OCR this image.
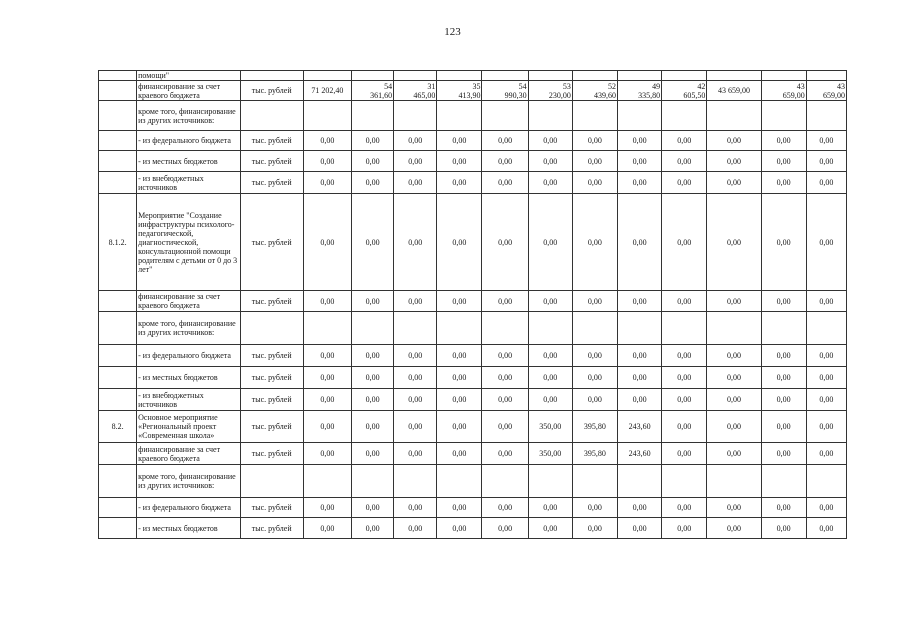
123
	помощи"													
	финансирование за счет краевого бюджета	тыс. рублей	71 202,40	54 361,60	31 465,00	35 413,90	54 990,30	53 230,00	52 439,60	49 335,80	42 605,50	43 659,00	43 659,00	43 659,00
	кроме того, финансирование из других источников:													
	- из федерального бюджета	тыс. рублей	0,00	0,00	0,00	0,00	0,00	0,00	0,00	0,00	0,00	0,00	0,00	0,00
	- из местных бюджетов	тыс. рублей	0,00	0,00	0,00	0,00	0,00	0,00	0,00	0,00	0,00	0,00	0,00	0,00
	- из внебюджетных источников	тыс. рублей	0,00	0,00	0,00	0,00	0,00	0,00	0,00	0,00	0,00	0,00	0,00	0,00
8.1.2.	Мероприятие "Создание инфраструктуры психолого-педагогической, диагностической, консультационной помощи родителям с детьми от 0 до 3 лет"	тыс. рублей	0,00	0,00	0,00	0,00	0,00	0,00	0,00	0,00	0,00	0,00	0,00	0,00
	финансирование за счет краевого бюджета	тыс. рублей	0,00	0,00	0,00	0,00	0,00	0,00	0,00	0,00	0,00	0,00	0,00	0,00
	кроме того, финансирование из других источников:													
	- из федерального бюджета	тыс. рублей	0,00	0,00	0,00	0,00	0,00	0,00	0,00	0,00	0,00	0,00	0,00	0,00
	- из местных бюджетов	тыс. рублей	0,00	0,00	0,00	0,00	0,00	0,00	0,00	0,00	0,00	0,00	0,00	0,00
	- из внебюджетных источников	тыс. рублей	0,00	0,00	0,00	0,00	0,00	0,00	0,00	0,00	0,00	0,00	0,00	0,00
8.2.	Основное мероприятие «Региональный проект «Современная школа»	тыс. рублей	0,00	0,00	0,00	0,00	0,00	350,00	395,80	243,60	0,00	0,00	0,00	0,00
	финансирование за счет краевого бюджета	тыс. рублей	0,00	0,00	0,00	0,00	0,00	350,00	395,80	243,60	0,00	0,00	0,00	0,00
	кроме того, финансирование из других источников:													
	- из федерального бюджета	тыс. рублей	0,00	0,00	0,00	0,00	0,00	0,00	0,00	0,00	0,00	0,00	0,00	0,00
	- из местных бюджетов	тыс. рублей	0,00	0,00	0,00	0,00	0,00	0,00	0,00	0,00	0,00	0,00	0,00	0,00
